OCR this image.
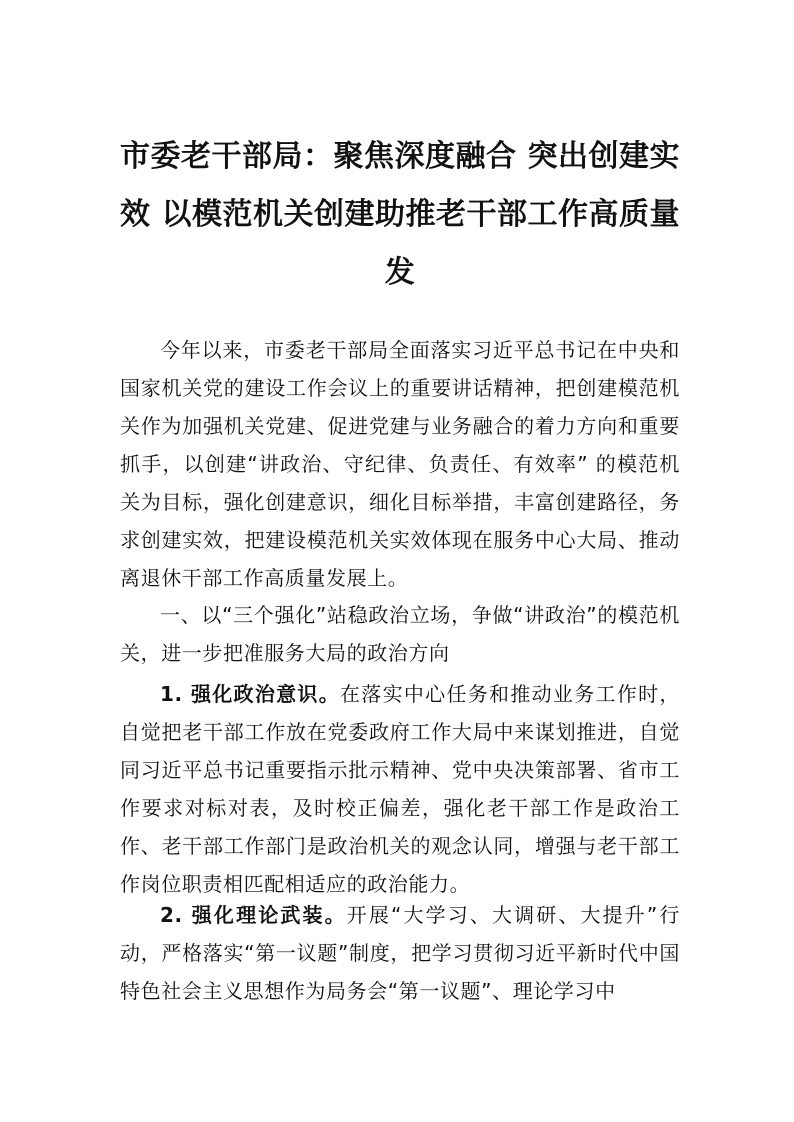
市委老干部局：聚焦深度融合 突出创建实效 以模范机关创建助推老干部工作高质量发

今年以来，市委老干部局全面落实习近平总书记在中央和国家机关党的建设工作会议上的重要讲话精神，把创建模范机关作为加强机关党建、促进党建与业务融合的着力方向和重要抓手，以创建“讲政治、守纪律、负责任、有效率” 的模范机关为目标，强化创建意识，细化目标举措，丰富创建路径，务求创建实效，把建设模范机关实效体现在服务中心大局、推动离退休干部工作高质量发展上。

一、以“三个强化”站稳政治立场，争做“讲政治”的模范机关，进一步把准服务大局的政治方向

1. 强化政治意识。在落实中心任务和推动业务工作时，自觉把老干部工作放在党委政府工作大局中来谋划推进，自觉同习近平总书记重要指示批示精神、党中央决策部署、省市工作要求对标对表，及时校正偏差，强化老干部工作是政治工作、老干部工作部门是政治机关的观念认同，增强与老干部工作岗位职责相匹配相适应的政治能力。

2. 强化理论武装。开展“大学习、大调研、大提升”行动，严格落实“第一议题”制度，把学习贯彻习近平新时代中国特色社会主义思想作为局务会“第一议题”、理论学习中
